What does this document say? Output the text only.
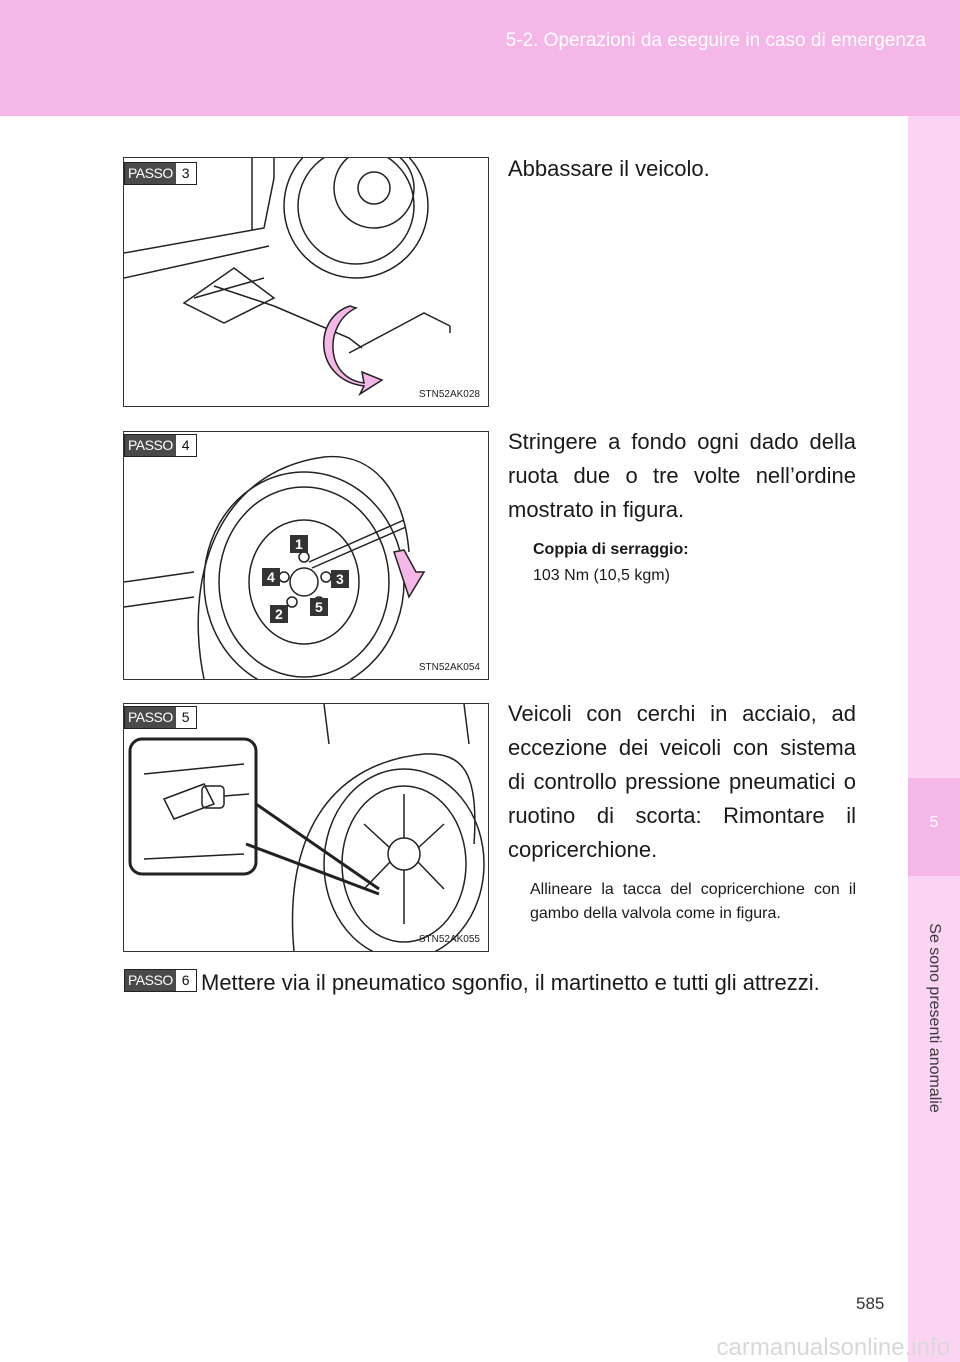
5-2. Operazioni da eseguire in caso di emergenza
5
Se sono presenti anomalie
STN52AK028
PASSO 3	Abbassare il veicolo.
1
2
3
4
5
STN52AK054
PASSO 4	Stringere a fondo ogni dado della ruota due o tre volte nell’ordine mostrato in figura.
Coppia di serraggio:
103 Nm (10,5 kgm)
STN52AK055
PASSO 5	Veicoli con cerchi in acciaio, ad eccezione dei veicoli con sistema di controllo pressione pneumatici o ruotino di scorta: Rimontare il copricerchione.
Allineare la tacca del copricerchione con il gambo della valvola come in figura.
PASSO 6 Mettere via il pneumatico sgonfio, il martinetto e tutti gli attrezzi.
585
carmanualsonline.info
